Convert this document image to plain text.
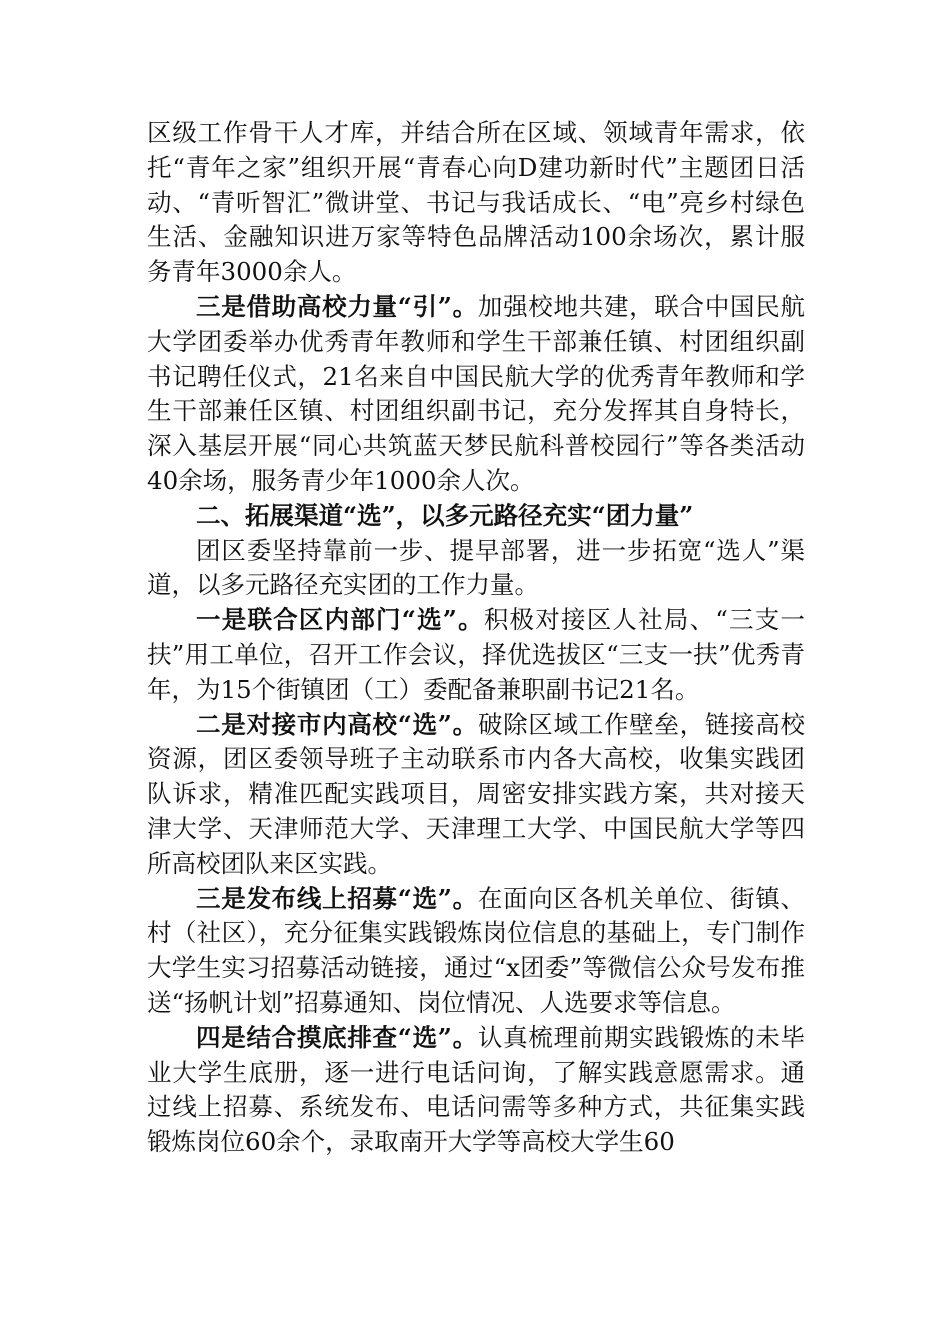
区级工作骨干人才库，并结合所在区域、领域青年需求，依托“青年之家”组织开展“青春心向D建功新时代”主题团日活动、“青听智汇”微讲堂、书记与我话成长、“电”亮乡村绿色生活、金融知识进万家等特色品牌活动100余场次，累计服务青年3000余人。

三是借助高校力量“引”。加强校地共建，联合中国民航大学团委举办优秀青年教师和学生干部兼任镇、村团组织副书记聘任仪式，21名来自中国民航大学的优秀青年教师和学生干部兼任区镇、村团组织副书记，充分发挥其自身特长，深入基层开展“同心共筑蓝天梦民航科普校园行”等各类活动40余场，服务青少年1000余人次。

二、拓展渠道“选”，以多元路径充实“团力量”

团区委坚持靠前一步、提早部署，进一步拓宽“选人”渠道，以多元路径充实团的工作力量。

一是联合区内部门“选”。积极对接区人社局、“三支一扶”用工单位，召开工作会议，择优选拔区“三支一扶”优秀青年，为15个街镇团（工）委配备兼职副书记21名。

二是对接市内高校“选”。破除区域工作壁垒，链接高校资源，团区委领导班子主动联系市内各大高校，收集实践团队诉求，精准匹配实践项目，周密安排实践方案，共对接天津大学、天津师范大学、天津理工大学、中国民航大学等四所高校团队来区实践。

三是发布线上招募“选”。在面向区各机关单位、街镇、村（社区），充分征集实践锻炼岗位信息的基础上，专门制作大学生实习招募活动链接，通过“x团委”等微信公众号发布推送“扬帆计划”招募通知、岗位情况、人选要求等信息。

四是结合摸底排查“选”。认真梳理前期实践锻炼的未毕业大学生底册，逐一进行电话问询，了解实践意愿需求。通过线上招募、系统发布、电话问需等多种方式，共征集实践锻炼岗位60余个，录取南开大学等高校大学生60
